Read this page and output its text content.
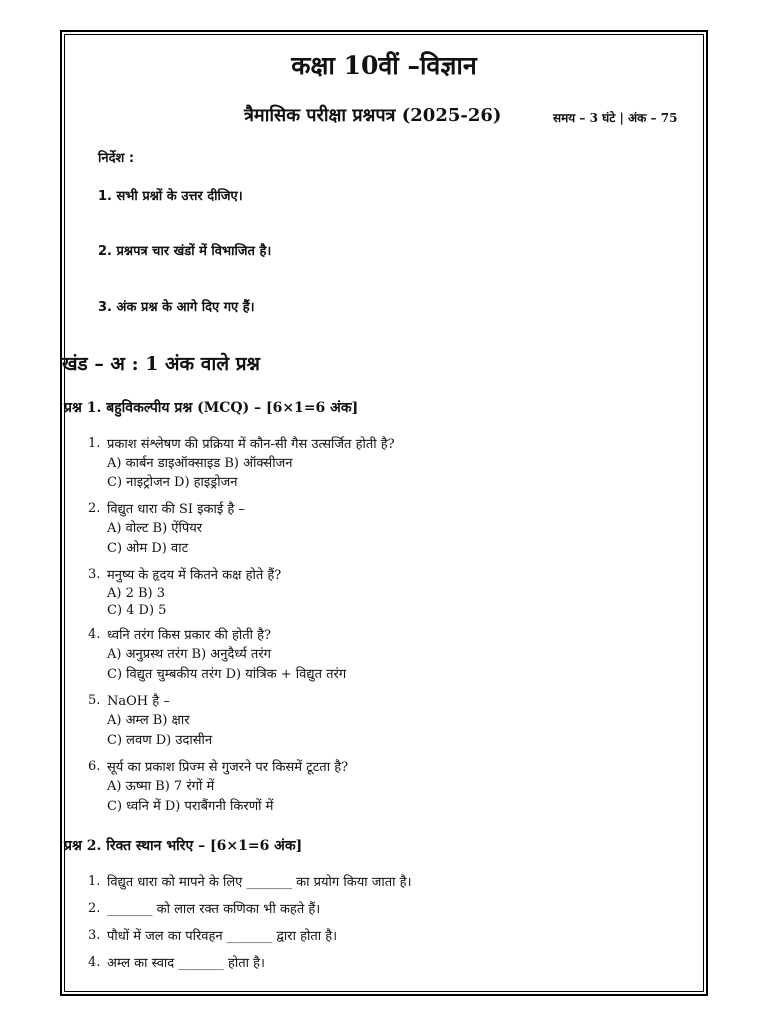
कक्षा 10वीं –विज्ञान
त्रैमासिक परीक्षा प्रश्नपत्र (2025-26)	समय – 3 घंटे | अंक – 75
निर्देश :
1. सभी प्रश्नों के उत्तर दीजिए।
2. प्रश्नपत्र चार खंडों में विभाजित है।
3. अंक प्रश्न के आगे दिए गए हैं।
खंड – अ : 1 अंक वाले प्रश्न
प्रश्न 1. बहुविकल्पीय प्रश्न (MCQ) – [6×1=6 अंक]
1. प्रकाश संश्लेषण की प्रक्रिया में कौन-सी गैस उत्सर्जित होती है?
A) कार्बन डाइऑक्साइड B) ऑक्सीजन
C) नाइट्रोजन D) हाइड्रोजन
2. विद्युत धारा की SI इकाई है –
A) वोल्ट B) ऐंपियर
C) ओम D) वाट
3. मनुष्य के हृदय में कितने कक्ष होते हैं?
A) 2 B) 3
C) 4 D) 5
4. ध्वनि तरंग किस प्रकार की होती है?
A) अनुप्रस्थ तरंग B) अनुदैर्ध्य तरंग
C) विद्युत चुम्बकीय तरंग D) यांत्रिक + विद्युत तरंग
5. NaOH है –
A) अम्ल B) क्षार
C) लवण D) उदासीन
6. सूर्य का प्रकाश प्रिज्म से गुजरने पर किसमें टूटता है?
A) ऊष्मा B) 7 रंगों में
C) ध्वनि में D) पराबैंगनी किरणों में
प्रश्न 2. रिक्त स्थान भरिए – [6×1=6 अंक]
1. विद्युत धारा को मापने के लिए _______ का प्रयोग किया जाता है।
2. _______ को लाल रक्त कणिका भी कहते हैं।
3. पौधों में जल का परिवहन _______ द्वारा होता है।
4. अम्ल का स्वाद _______ होता है।
